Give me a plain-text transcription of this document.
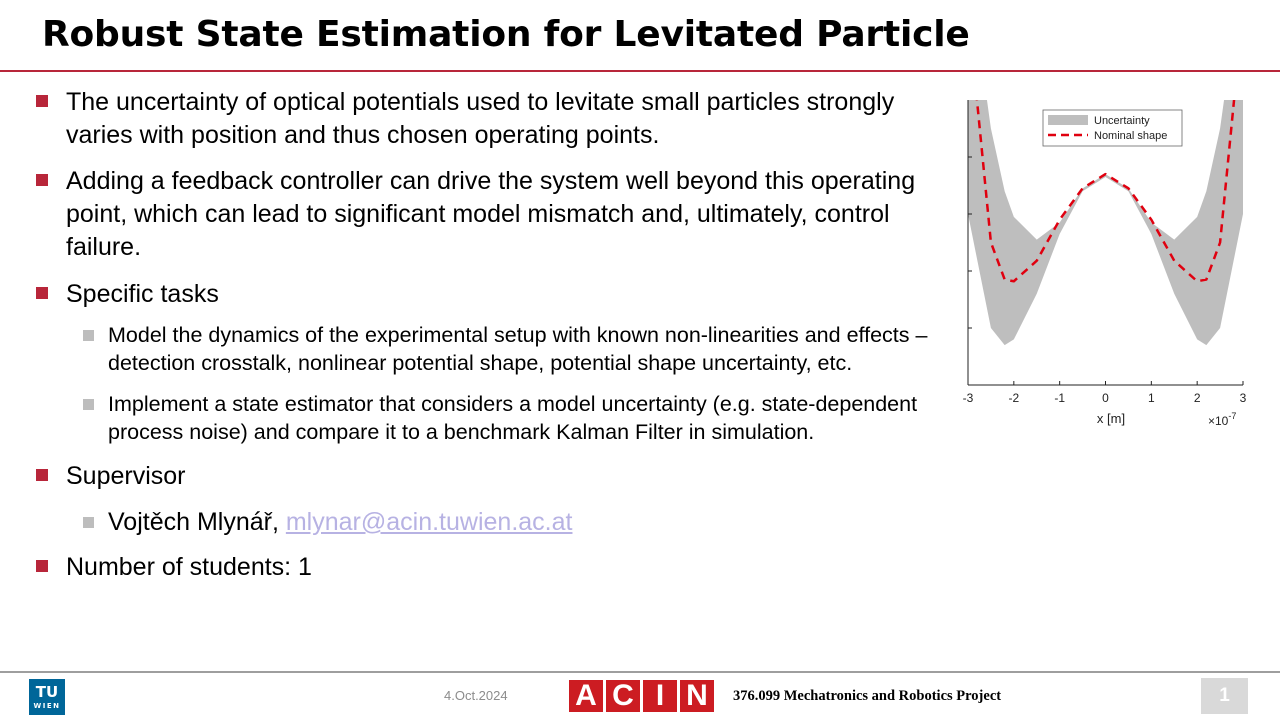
Robust State Estimation for Levitated Particle
The uncertainty of optical potentials used to levitate small particles strongly varies with position and thus chosen operating points.
Adding a feedback controller can drive the system well beyond this operating point, which can lead to significant model mismatch and, ultimately, control failure.
Specific tasks
Model the dynamics of the experimental setup with known non-linearities and effects – detection crosstalk, nonlinear potential shape, potential shape uncertainty, etc.
Implement a state estimator that considers a model uncertainty (e.g. state-dependent process noise) and compare it to a benchmark Kalman Filter in simulation.
Supervisor
Vojtěch Mlynář, mlynar@acin.tuwien.ac.at
Number of students: 1
-3	-2	-1	0	1	2	3
x [m]	$\times 10^{-7}$
Uncertainty
Nominal shape
TU
WIEN
4.Oct.2024 A C I N	376.099 Mechatronics and Robotics Project	1
